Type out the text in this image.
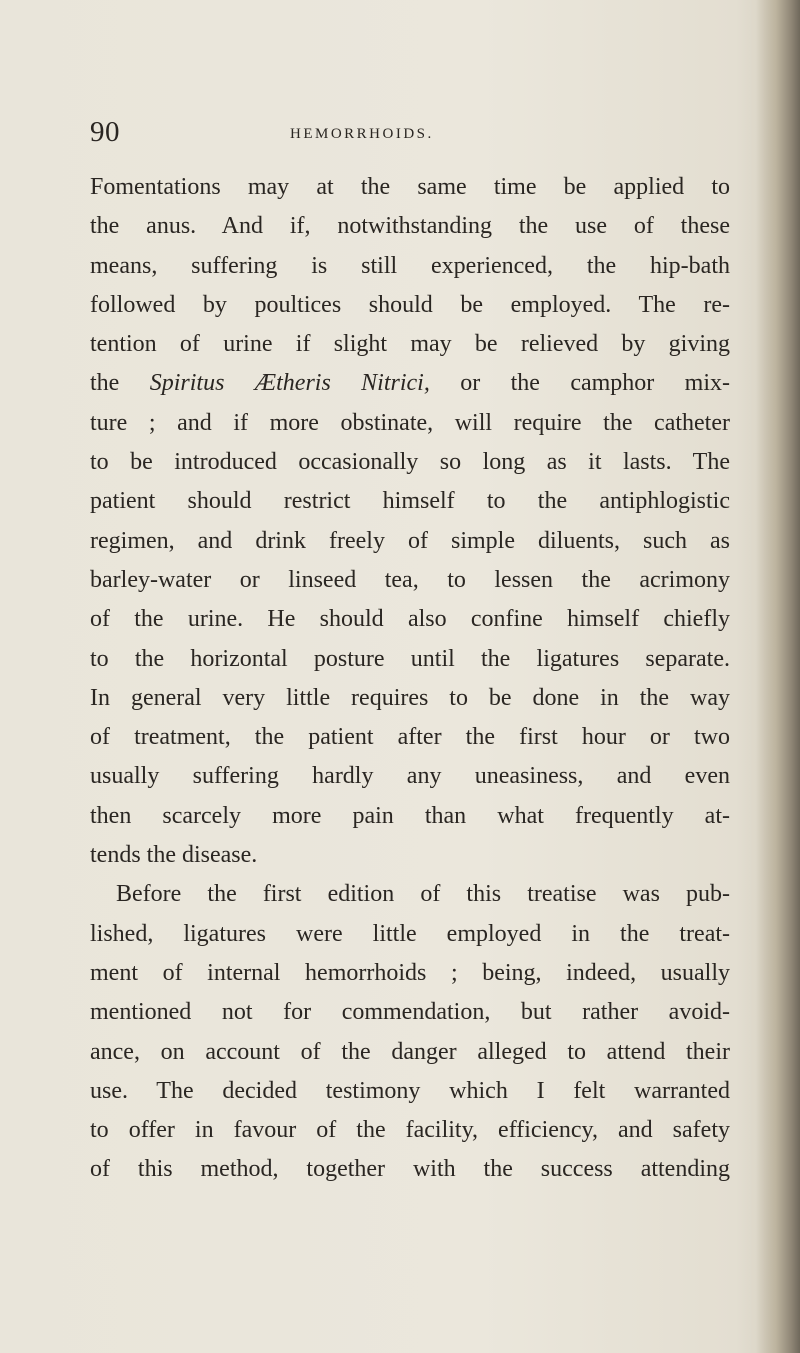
90	HEMORRHOIDS.
Fomentations may at the same time be applied to
the anus. And if, notwithstanding the use of these
means, suffering is still experienced, the hip-bath
followed by poultices should be employed. The re-
tention of urine if slight may be relieved by giving
the Spiritus Ætheris Nitrici, or the camphor mix-
ture ; and if more obstinate, will require the catheter
to be introduced occasionally so long as it lasts. The
patient should restrict himself to the antiphlogistic
regimen, and drink freely of simple diluents, such as
barley-water or linseed tea, to lessen the acrimony
of the urine. He should also confine himself chiefly
to the horizontal posture until the ligatures separate.
In general very little requires to be done in the way
of treatment, the patient after the first hour or two
usually suffering hardly any uneasiness, and even
then scarcely more pain than what frequently at-
tends the disease.
Before the first edition of this treatise was pub-
lished, ligatures were little employed in the treat-
ment of internal hemorrhoids ; being, indeed, usually
mentioned not for commendation, but rather avoid-
ance, on account of the danger alleged to attend their
use. The decided testimony which I felt warranted
to offer in favour of the facility, efficiency, and safety
of this method, together with the success attending
